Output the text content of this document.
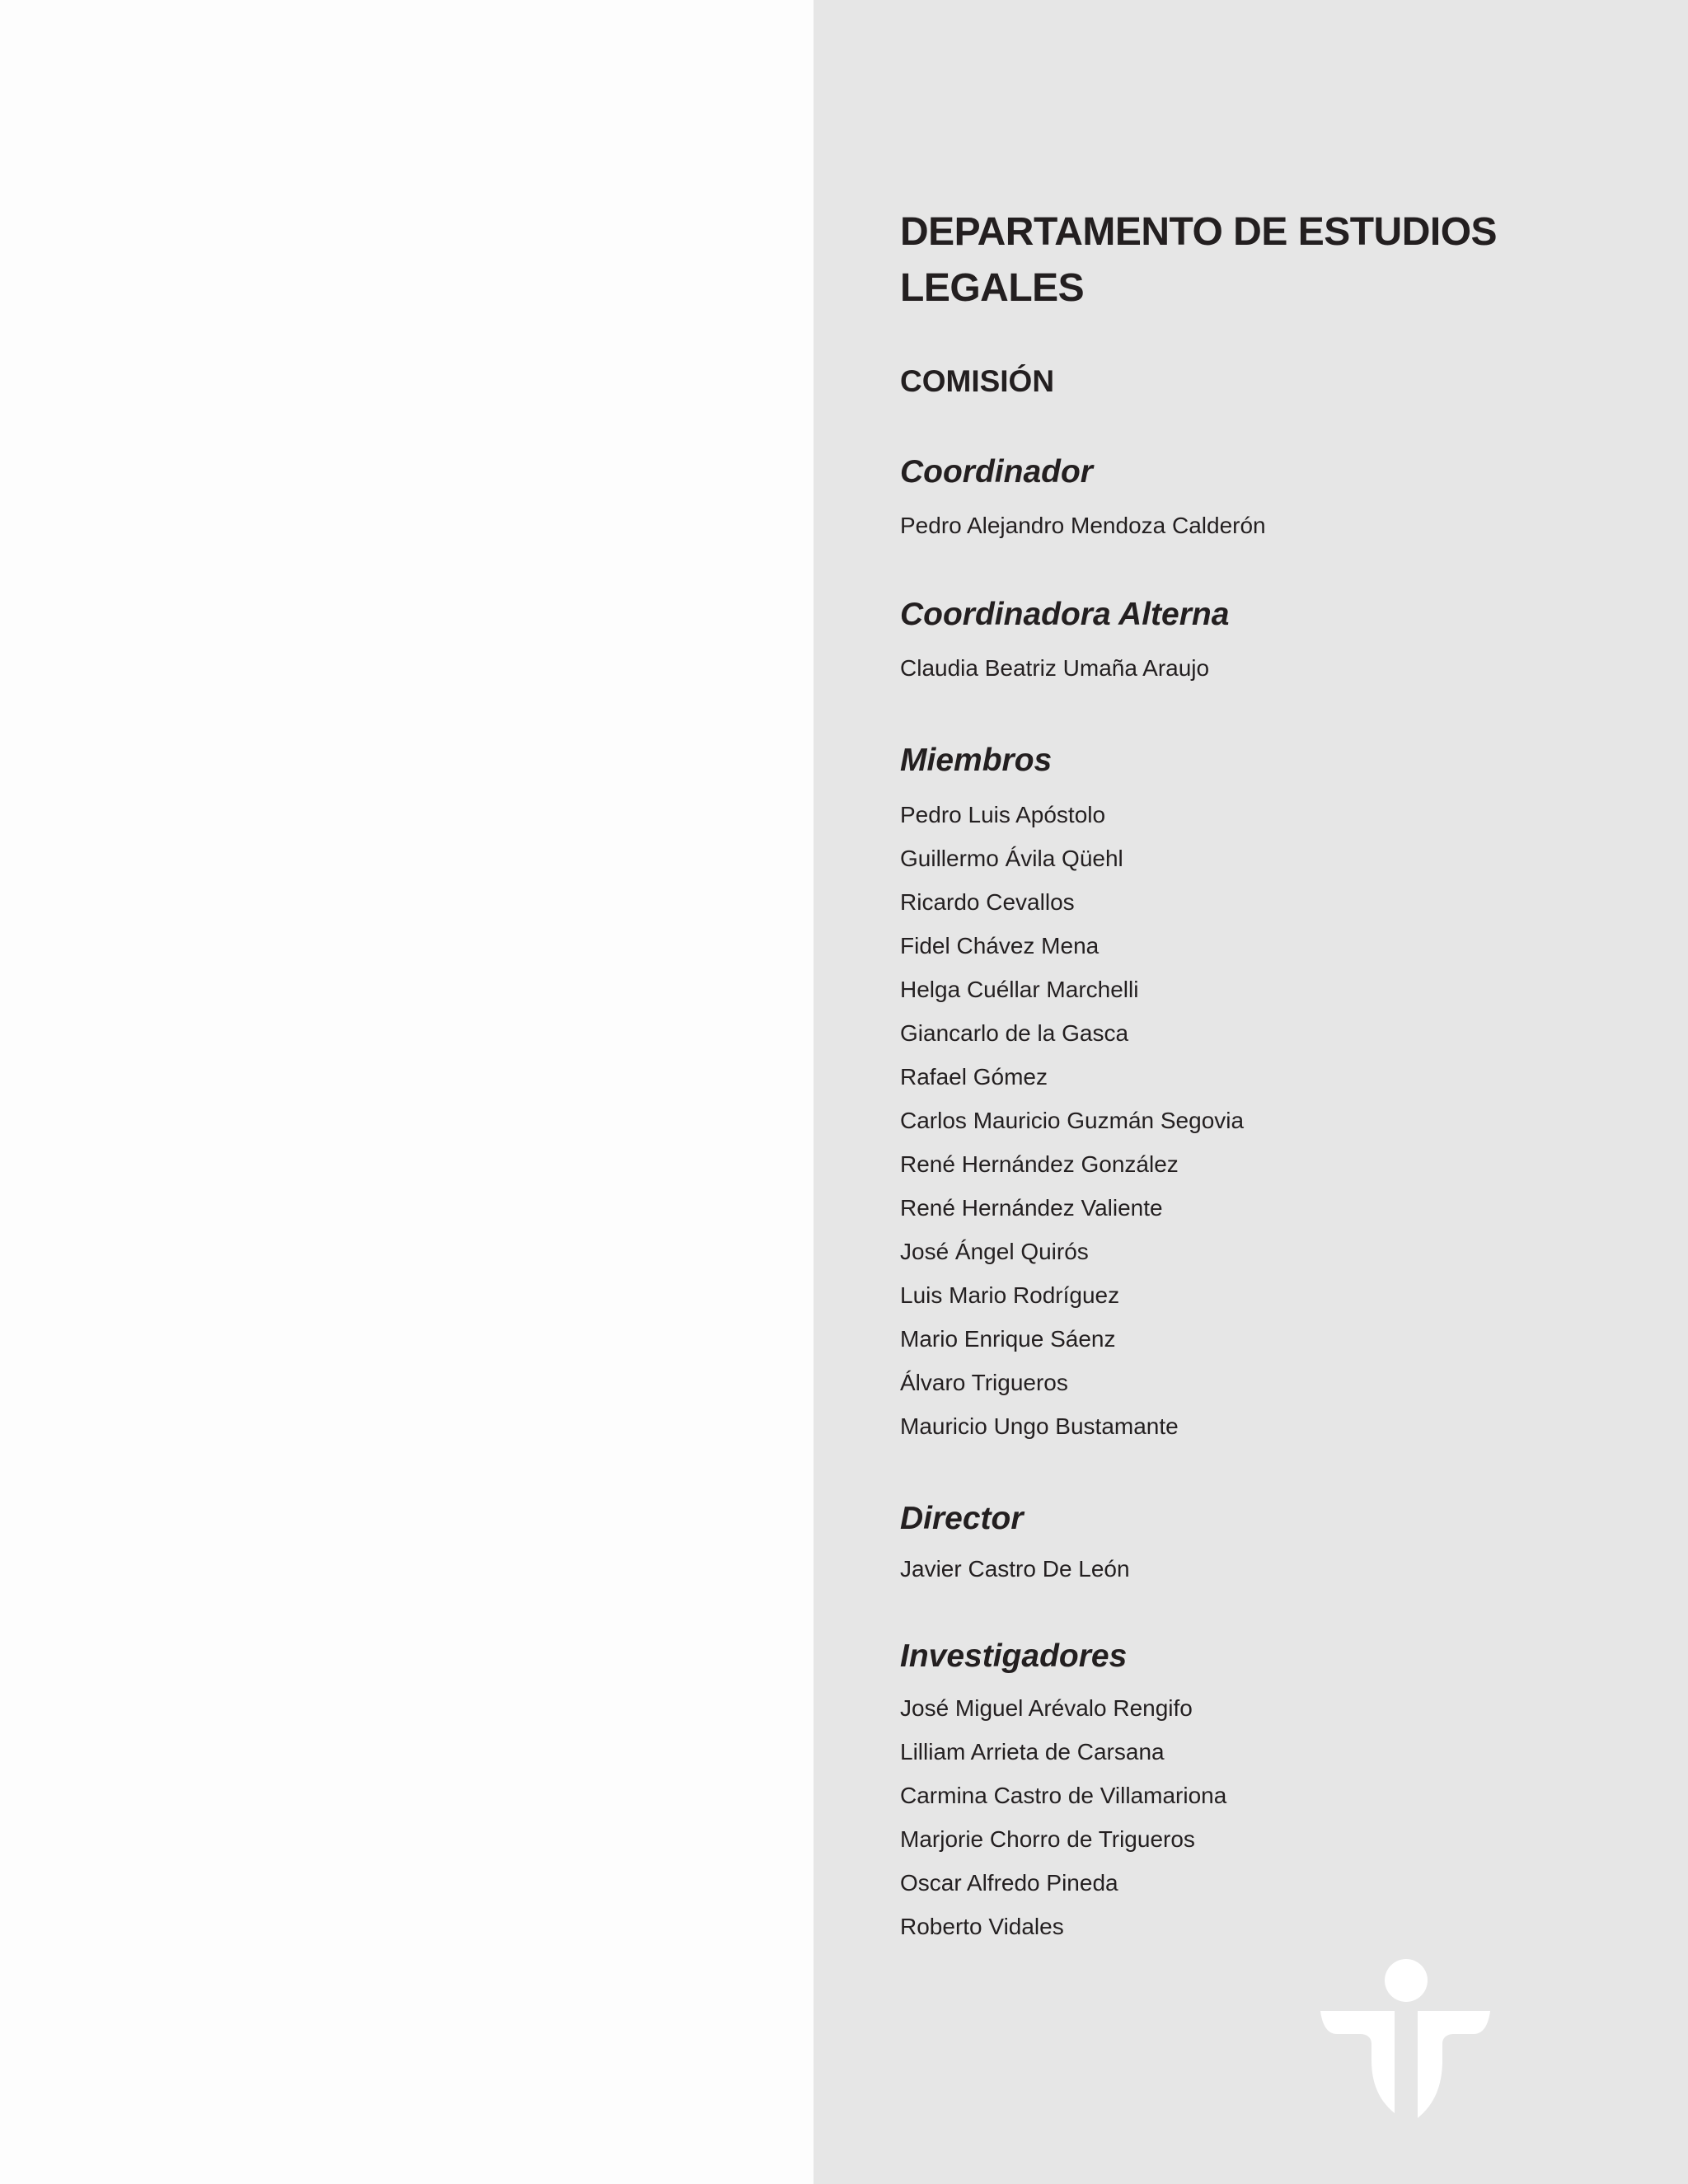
DEPARTAMENTO DE ESTUDIOS
LEGALES
COMISIÓN
Coordinador
Pedro Alejandro Mendoza Calderón
Coordinadora Alterna
Claudia Beatriz Umaña Araujo
Miembros
Pedro Luis Apóstolo
Guillermo Ávila Qüehl
Ricardo Cevallos
Fidel Chávez Mena
Helga Cuéllar Marchelli
Giancarlo de la Gasca
Rafael Gómez
Carlos Mauricio Guzmán Segovia
René Hernández González
René Hernández Valiente
José Ángel Quirós
Luis Mario Rodríguez
Mario Enrique Sáenz
Álvaro Trigueros
Mauricio Ungo Bustamante
Director
Javier Castro De León
Investigadores
José Miguel Arévalo Rengifo
Lilliam Arrieta de Carsana
Carmina Castro de Villamariona
Marjorie Chorro de Trigueros
Oscar Alfredo Pineda
Roberto Vidales
